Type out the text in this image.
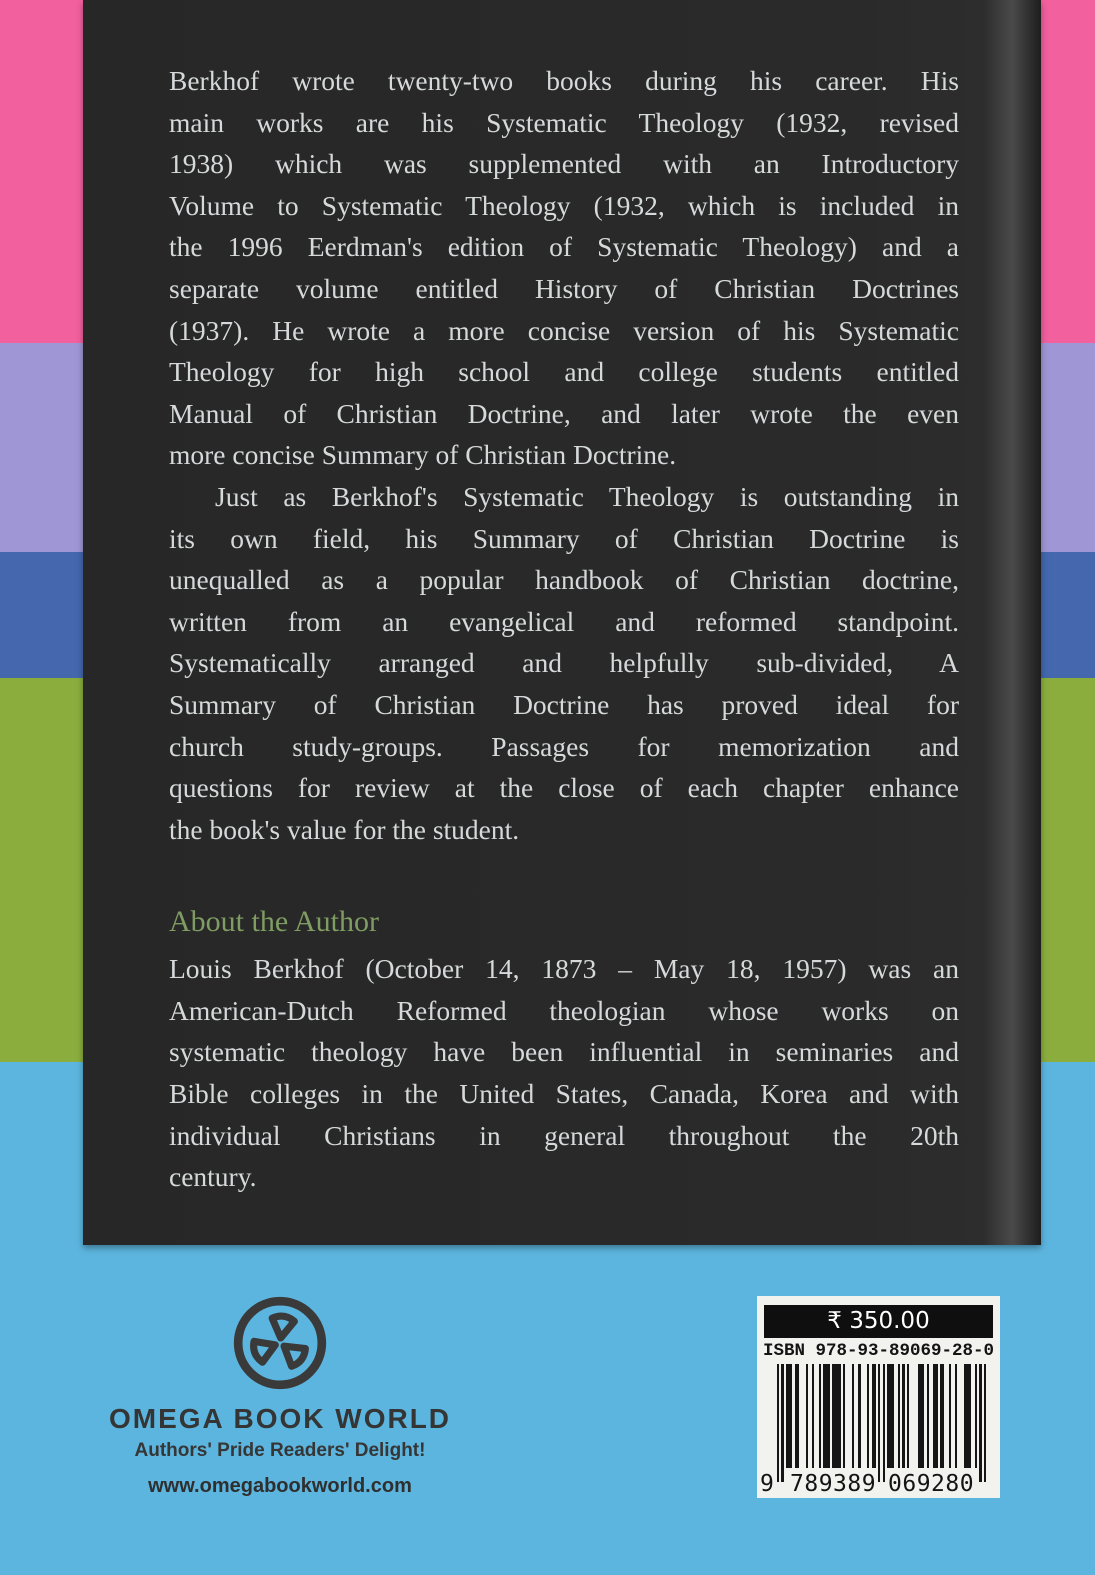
Berkhof wrote twenty-two books during his career. His
main works are his Systematic Theology (1932, revised
1938) which was supplemented with an Introductory
Volume to Systematic Theology (1932, which is included in
the 1996 Eerdman's edition of Systematic Theology) and a
separate volume entitled History of Christian Doctrines
(1937). He wrote a more concise version of his Systematic
Theology for high school and college students entitled
Manual of Christian Doctrine, and later wrote the even
more concise Summary of Christian Doctrine.
Just as Berkhof's Systematic Theology is outstanding in
its own field, his Summary of Christian Doctrine is
unequalled as a popular handbook of Christian doctrine,
written from an evangelical and reformed standpoint.
Systematically arranged and helpfully sub-divided, A
Summary of Christian Doctrine has proved ideal for
church study-groups. Passages for memorization and
questions for review at the close of each chapter enhance
the book's value for the student.
About the Author
Louis Berkhof (October 14, 1873 – May 18, 1957) was an
American-Dutch Reformed theologian whose works on
systematic theology have been influential in seminaries and
Bible colleges in the United States, Canada, Korea and with
individual Christians in general throughout the 20th
century.
OMEGA BOOK WORLD
Authors' Pride Readers' Delight!
www.omegabookworld.com
₹ 350.00
ISBN 978-93-89069-28-0
9 789389 069280
